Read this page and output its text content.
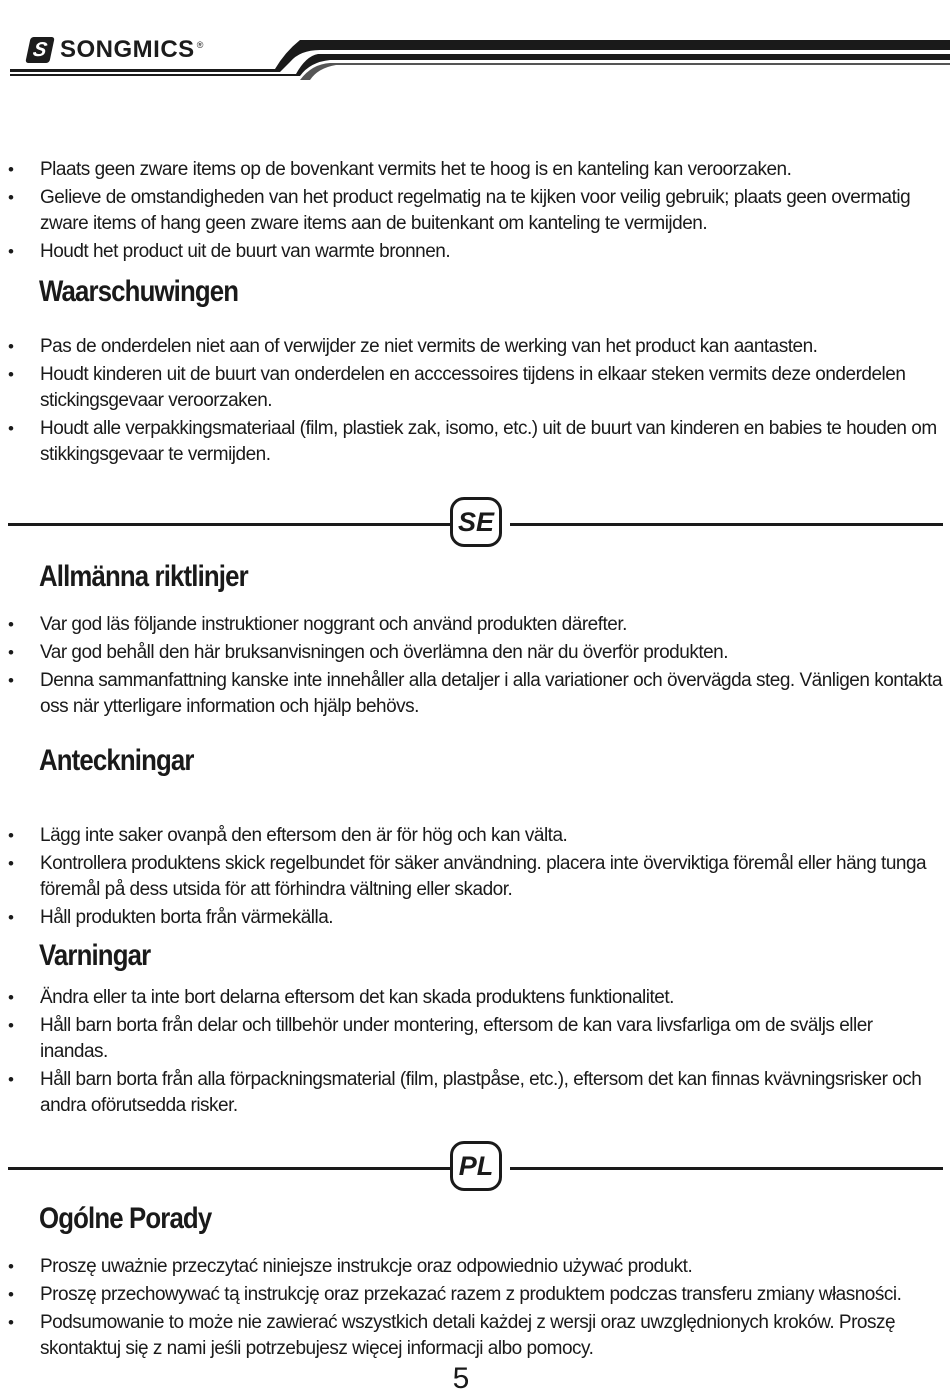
S SONGMICS ®
• Plaats geen zware items op de bovenkant vermits het te hoog is en kanteling kan veroorzaken.
• Gelieve de omstandigheden van het product regelmatig na te kijken voor veilig gebruik; plaats geen overmatig zware items of hang geen zware items aan de buitenkant om kanteling te vermijden.
• Houdt het product uit de buurt van warmte bronnen.
Waarschuwingen
• Pas de onderdelen niet aan of verwijder ze niet vermits de werking van het product kan aantasten.
• Houdt kinderen uit de buurt van onderdelen en acccessoires tijdens in elkaar steken vermits deze onderdelen stickingsgevaar veroorzaken.
• Houdt alle verpakkingsmateriaal (film, plastiek zak, isomo, etc.) uit de buurt van kinderen en babies te houden om stikkingsgevaar te vermijden.
SE
Allmänna riktlinjer
• Var god läs följande instruktioner noggrant och använd produkten därefter.
• Var god behåll den här bruksanvisningen och överlämna den när du överför produkten.
• Denna sammanfattning kanske inte innehåller alla detaljer i alla variationer och övervägda steg. Vänligen kontakta oss när ytterligare information och hjälp behövs.
Anteckningar
• Lägg inte saker ovanpå den eftersom den är för hög och kan välta.
• Kontrollera produktens skick regelbundet för säker användning. placera inte överviktiga föremål eller häng tunga föremål på dess utsida för att förhindra vältning eller skador.
• Håll produkten borta från värmekälla.
Varningar
• Ändra eller ta inte bort delarna eftersom det kan skada produktens funktionalitet.
• Håll barn borta från delar och tillbehör under montering, eftersom de kan vara livsfarliga om de sväljs eller inandas.
• Håll barn borta från alla förpackningsmaterial (film, plastpåse, etc.), eftersom det kan finnas kvävningsrisker och andra oförutsedda risker.
PL
Ogólne Porady
• Proszę uważnie przeczytać niniejsze instrukcje oraz odpowiednio używać produkt.
• Proszę przechowywać tą instrukcję oraz przekazać razem z produktem podczas transferu zmiany własności.
• Podsumowanie to może nie zawierać wszystkich detali każdej z wersji oraz uwzględnionych kroków. Proszę skontaktuj się z nami jeśli potrzebujesz więcej informacji albo pomocy.
5
